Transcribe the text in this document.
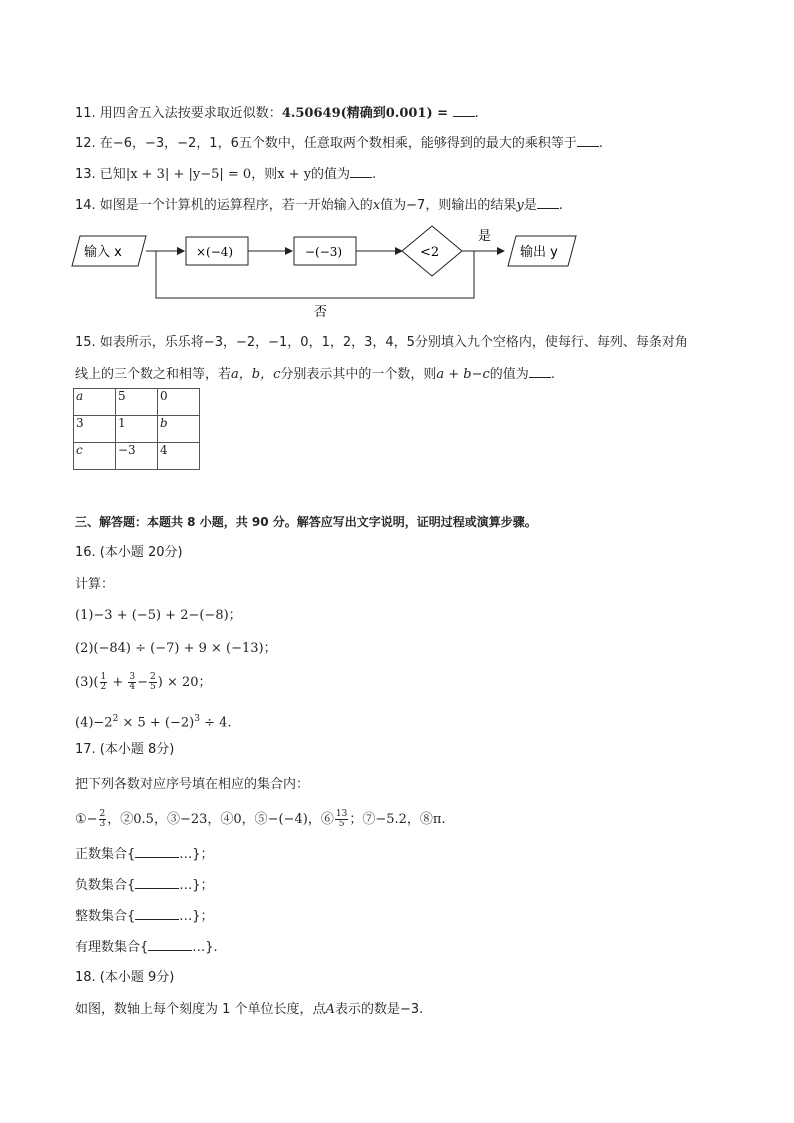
11. 用四舍五入法按要求取近似数：4.50649(精确到0.001) = .
12. 在−6，−3，−2，1，6五个数中，任意取两个数相乘，能够得到的最大的乘积等于 .
13. 已知|x + 3| + |y−5| = 0，则x + y的值为 .
14. 如图是一个计算机的运算程序，若一开始输入的x值为−7，则输出的结果y是 .
输入 x	×(−4)	−(−3)	<2
是
输出 y
否
15. 如表所示，乐乐将−3，−2，−1，0，1，2，3，4，5分别填入九个空格内，使每行、每列、每条对角
线上的三个数之和相等，若a，b，c分别表示其中的一个数，则a + b−c的值为 .
a	5	0
3	1	b
c	−3	4
三、解答题：本题共 8 小题，共 90 分。解答应写出文字说明，证明过程或演算步骤。
16. (本小题 20分)
计算：
(1)−3 + (−5) + 2−(−8)；
(2)(−84) ÷ (−7) + 9 × (−13)；
$(3)( \frac{1}{2} + \frac{3}{4} - \frac{2}{5}$ ) × 20；
$(4)-2^2 \times 5 + (-2)^3 \div 4$.
17. (本小题 8分)
把下列各数对应序号填在相应的集合内：
①− $\frac{2}{3}$ ，②0.5，③−23，④0，⑤−(−4)，⑥ $\frac{13}{5}$ ；⑦−5.2，⑧π.
正数集合{	…}；
负数集合{	…}；
整数集合{	…}；
有理数集合{	…}.
18. (本小题 9分)
如图，数轴上每个刻度为 1 个单位长度，点A表示的数是−3.
